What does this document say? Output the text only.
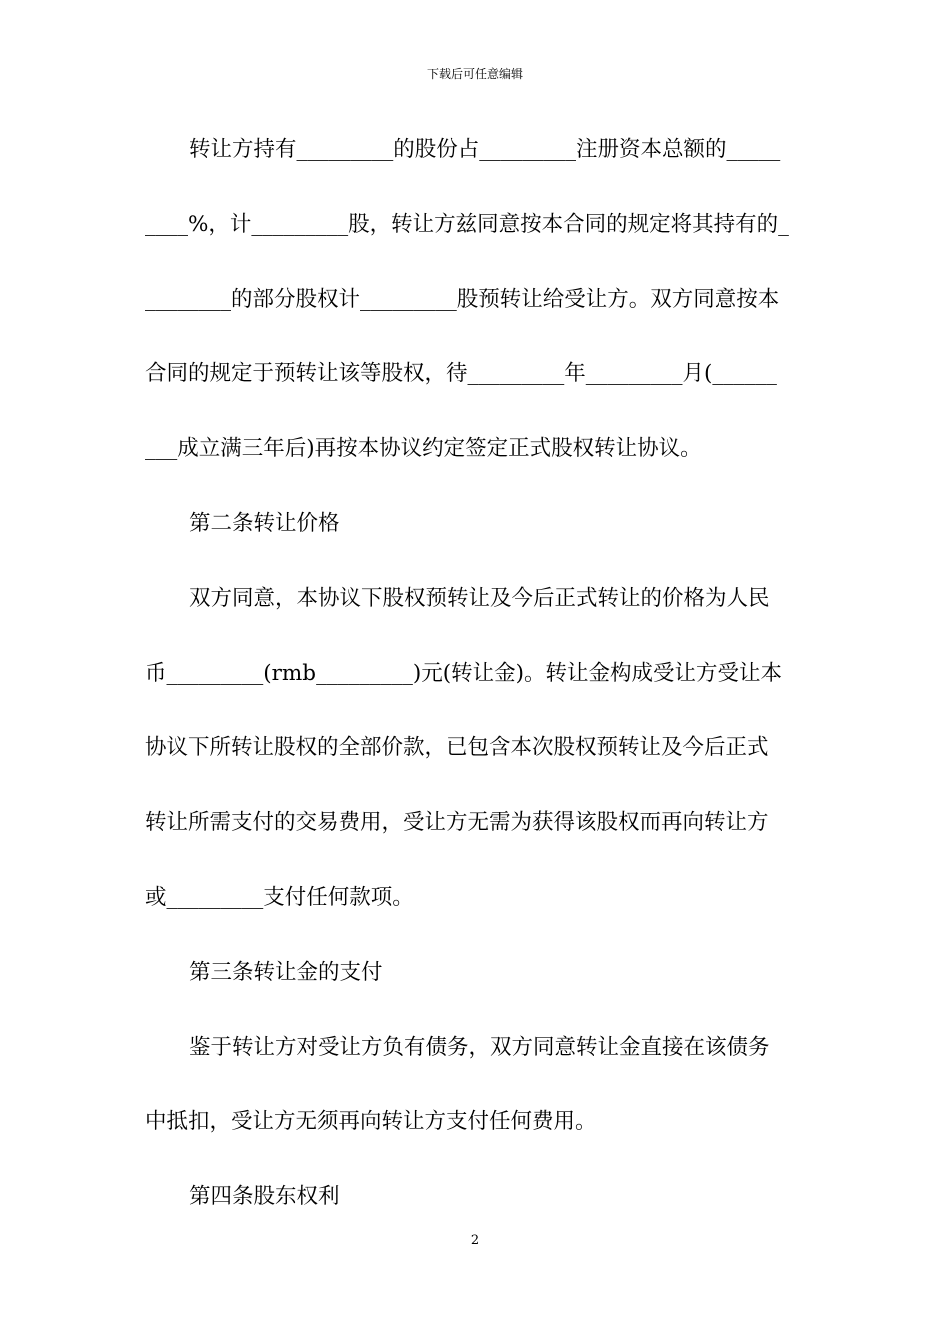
下载后可任意编辑
转让方持有_________的股份占_________注册资本总额的_____
____%，计_________股，转让方兹同意按本合同的规定将其持有的_
________的部分股权计_________股预转让给受让方。双方同意按本
合同的规定于预转让该等股权，待_________年_________月(______
___成立满三年后)再按本协议约定签定正式股权转让协议。
第二条转让价格
双方同意，本协议下股权预转让及今后正式转让的价格为人民
币_________(rmb_________)元(转让金)。转让金构成受让方受让本
协议下所转让股权的全部价款，已包含本次股权预转让及今后正式
转让所需支付的交易费用，受让方无需为获得该股权而再向转让方
或_________支付任何款项。
第三条转让金的支付
鉴于转让方对受让方负有债务，双方同意转让金直接在该债务
中抵扣，受让方无须再向转让方支付任何费用。
第四条股东权利
2
